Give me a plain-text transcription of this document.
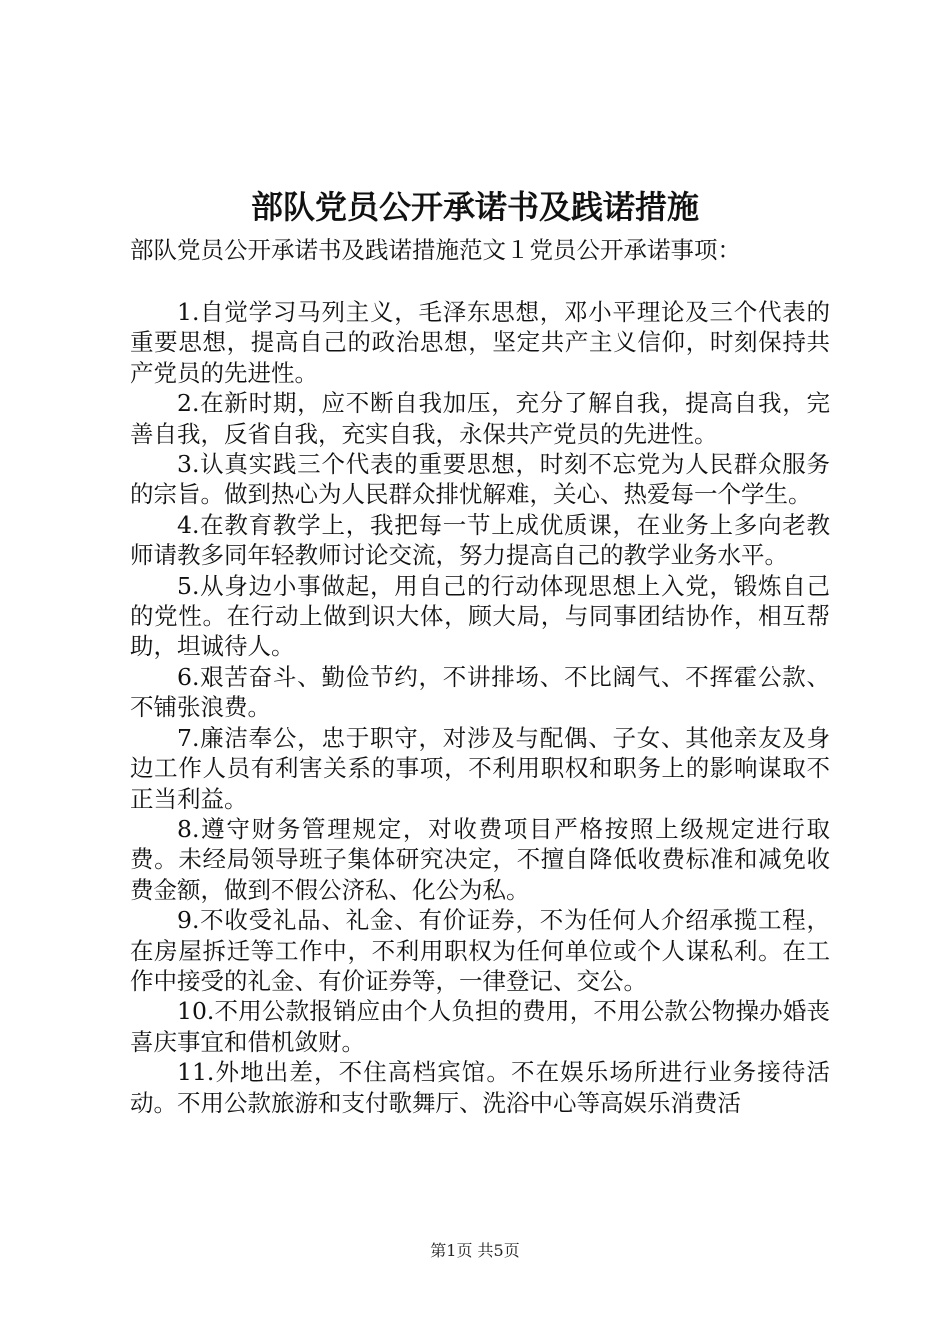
部队党员公开承诺书及践诺措施

部队党员公开承诺书及践诺措施范文１党员公开承诺事项：

1.自觉学习马列主义，毛泽东思想，邓小平理论及三个代表的重要思想，提高自己的政治思想，坚定共产主义信仰，时刻保持共产党员的先进性。

2.在新时期，应不断自我加压，充分了解自我，提高自我，完善自我，反省自我，充实自我，永保共产党员的先进性。

3.认真实践三个代表的重要思想，时刻不忘党为人民群众服务的宗旨。做到热心为人民群众排忧解难，关心、热爱每一个学生。

4.在教育教学上，我把每一节上成优质课，在业务上多向老教师请教多同年轻教师讨论交流，努力提高自己的教学业务水平。

5.从身边小事做起，用自己的行动体现思想上入党，锻炼自己的党性。在行动上做到识大体，顾大局，与同事团结协作，相互帮助，坦诚待人。

6.艰苦奋斗、勤俭节约，不讲排场、不比阔气、不挥霍公款、不铺张浪费。

7.廉洁奉公，忠于职守，对涉及与配偶、子女、其他亲友及身边工作人员有利害关系的事项，不利用职权和职务上的影响谋取不正当利益。

8.遵守财务管理规定，对收费项目严格按照上级规定进行取费。未经局领导班子集体研究决定，不擅自降低收费标准和减免收费金额，做到不假公济私、化公为私。

9.不收受礼品、礼金、有价证券，不为任何人介绍承揽工程，在房屋拆迁等工作中，不利用职权为任何单位或个人谋私利。在工作中接受的礼金、有价证券等，一律登记、交公。

10.不用公款报销应由个人负担的费用，不用公款公物操办婚丧喜庆事宜和借机敛财。

11.外地出差，不住高档宾馆。不在娱乐场所进行业务接待活动。不用公款旅游和支付歌舞厅、洗浴中心等高娱乐消费活

第1页 共5页
